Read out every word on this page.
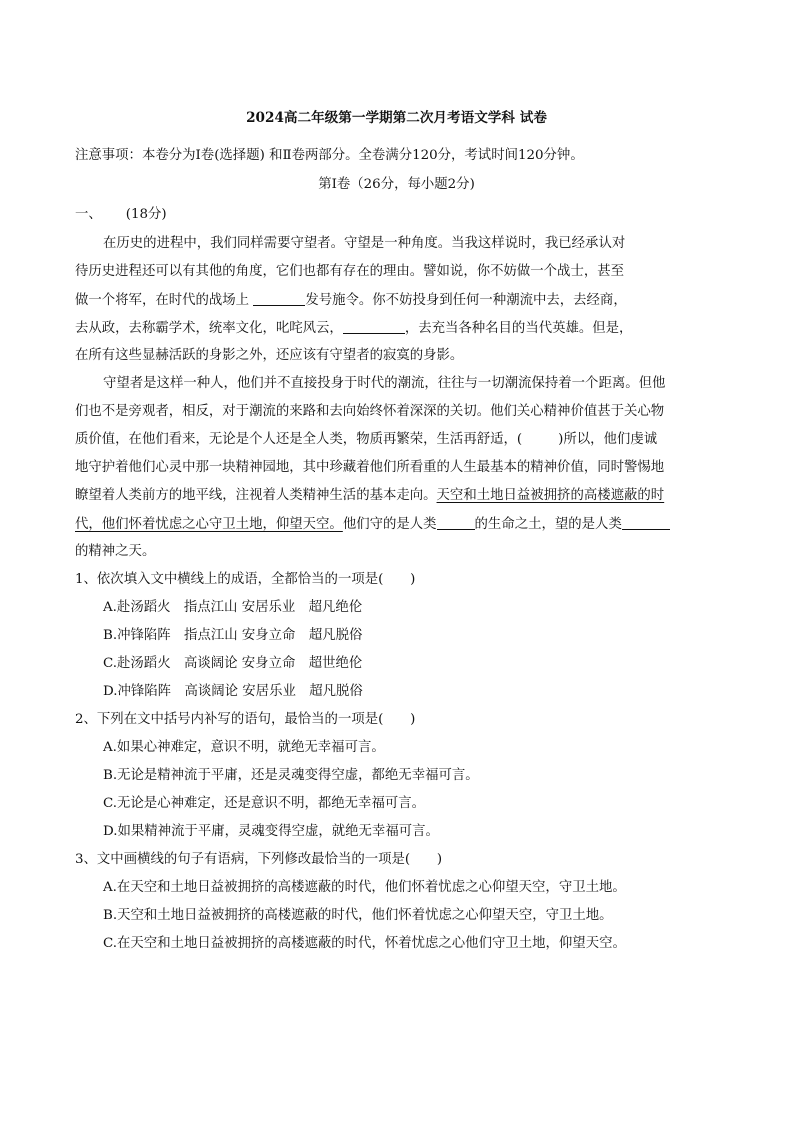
2024高二年级第一学期第二次月考语文学科 试卷
注意事项：本卷分为Ⅰ卷(选择题) 和Ⅱ卷两部分。全卷满分120分，考试时间120分钟。
第Ⅰ卷（26分，每小题2分)
一、 (18分)
在历史的进程中，我们同样需要守望者。守望是一种角度。当我这样说时，我已经承认对
待历史进程还可以有其他的角度，它们也都有存在的理由。譬如说，你不妨做一个战士，甚至
做一个将军，在时代的战场上	发号施令。你不妨投身到任何一种潮流中去，去经商，
去从政，去称霸学术，统率文化，叱咤风云，	，去充当各种名目的当代英雄。但是，
在所有这些显赫活跃的身影之外，还应该有守望者的寂寞的身影。
守望者是这样一种人，他们并不直接投身于时代的潮流，往往与一切潮流保持着一个距离。但他
们也不是旁观者，相反，对于潮流的来路和去向始终怀着深深的关切。他们关心精神价值甚于关心物
质价值，在他们看来，无论是个人还是全人类，物质再繁荣，生活再舒适，(	)所以，他们虔诚
地守护着他们心灵中那一块精神园地，其中珍藏着他们所看重的人生最基本的精神价值，同时警惕地
瞭望着人类前方的地平线，注视着人类精神生活的基本走向。天空和土地日益被拥挤的高楼遮蔽的时
代，他们怀着忧虑之心守卫土地，仰望天空。他们守的是人类	的生命之土，望的是人类
的精神之天。
1、依次填入文中横线上的成语，全都恰当的一项是(　　)
A.赴汤蹈火　指点江山 安居乐业　超凡绝伦
B.冲锋陷阵　指点江山 安身立命　超凡脱俗
C.赴汤蹈火　高谈阔论 安身立命　超世绝伦
D.冲锋陷阵　高谈阔论 安居乐业　超凡脱俗
2、下列在文中括号内补写的语句，最恰当的一项是(　　)
A.如果心神难定，意识不明，就绝无幸福可言。
B.无论是精神流于平庸，还是灵魂变得空虚，都绝无幸福可言。
C.无论是心神难定，还是意识不明，都绝无幸福可言。
D.如果精神流于平庸，灵魂变得空虚，就绝无幸福可言。
3、文中画横线的句子有语病，下列修改最恰当的一项是(　　)
A.在天空和土地日益被拥挤的高楼遮蔽的时代，他们怀着忧虑之心仰望天空，守卫土地。
B.天空和土地日益被拥挤的高楼遮蔽的时代，他们怀着忧虑之心仰望天空，守卫土地。
C.在天空和土地日益被拥挤的高楼遮蔽的时代，怀着忧虑之心他们守卫土地，仰望天空。
